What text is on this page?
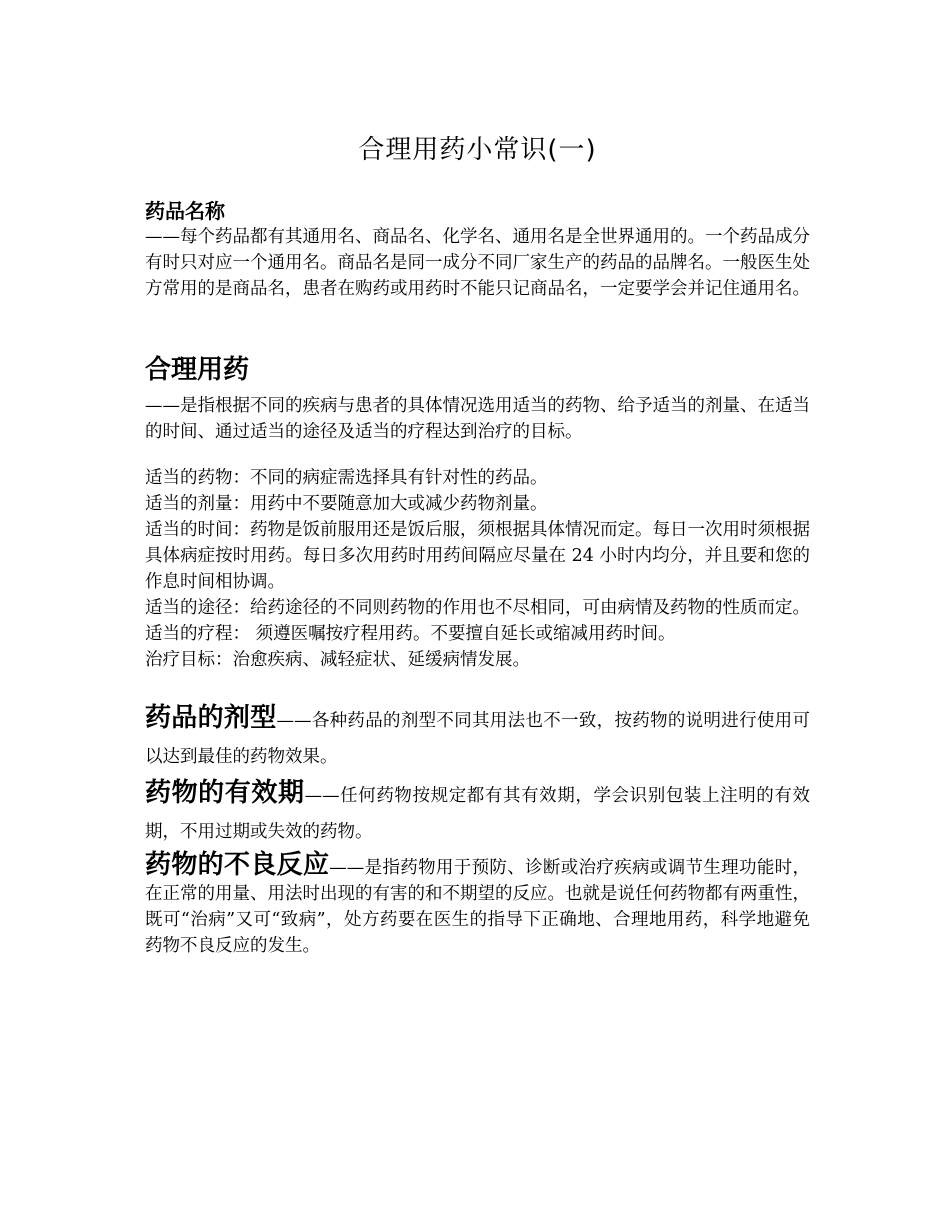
合理用药小常识(一)
药品名称

——每个药品都有其通用名、商品名、化学名、通用名是全世界通用的。一个药品成分有时只对应一个通用名。商品名是同一成分不同厂家生产的药品的品牌名。一般医生处方常用的是商品名，患者在购药或用药时不能只记商品名，一定要学会并记住通用名。

合理用药

——是指根据不同的疾病与患者的具体情况选用适当的药物、给予适当的剂量、在适当的时间、通过适当的途径及适当的疗程达到治疗的目标。

适当的药物：不同的病症需选择具有针对性的药品。

适当的剂量：用药中不要随意加大或减少药物剂量。

适当的时间：药物是饭前服用还是饭后服，须根据具体情况而定。每日一次用时须根据具体病症按时用药。每日多次用药时用药间隔应尽量在 24 小时内均分，并且要和您的作息时间相协调。

适当的途径：给药途径的不同则药物的作用也不尽相同，可由病情及药物的性质而定。

适当的疗程： 须遵医嘱按疗程用药。不要擅自延长或缩减用药时间。

治疗目标：治愈疾病、减轻症状、延缓病情发展。

药品的剂型——各种药品的剂型不同其用法也不一致，按药物的说明进行使用可以达到最佳的药物效果。

药物的有效期——任何药物按规定都有其有效期，学会识别包装上注明的有效期，不用过期或失效的药物。

药物的不良反应——是指药物用于预防、诊断或治疗疾病或调节生理功能时，在正常的用量、用法时出现的有害的和不期望的反应。也就是说任何药物都有两重性，既可“治病”又可“致病”，处方药要在医生的指导下正确地、合理地用药，科学地避免药物不良反应的发生。
